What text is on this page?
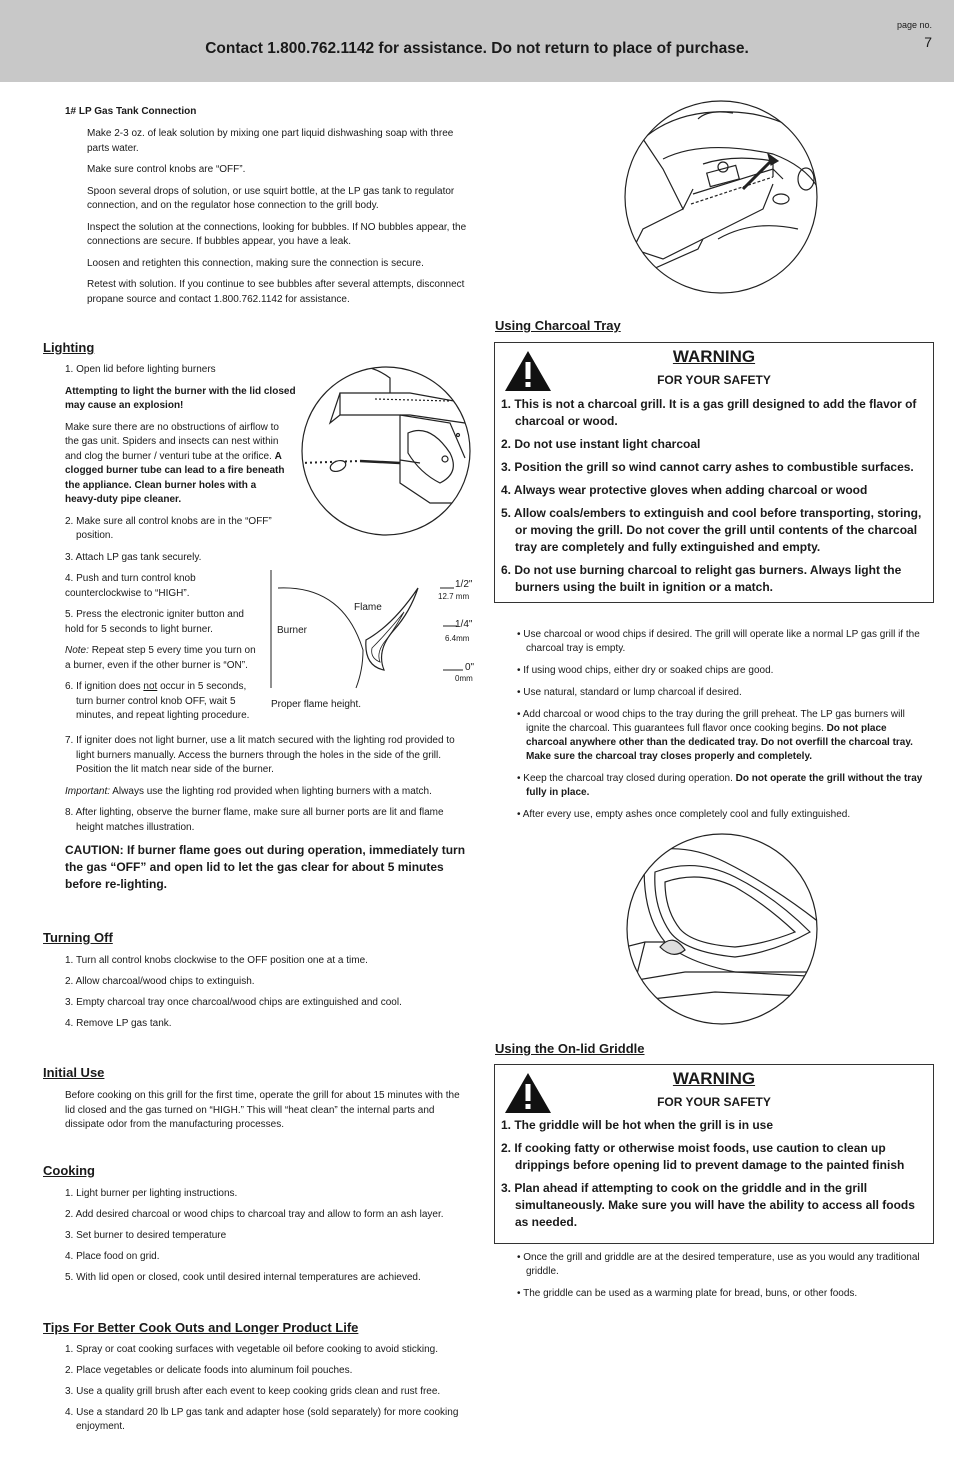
Contact 1.800.762.1142 for assistance. Do not return to place of purchase.
page no.
7
1# LP Gas Tank Connection

Make 2-3 oz. of leak solution by mixing one part liquid dishwashing soap with three parts water.

Make sure control knobs are “OFF”.

Spoon several drops of solution, or use squirt bottle, at the LP gas tank to regulator connection, and on the regulator hose connection to the grill body.

Inspect the solution at the connections, looking for bubbles. If NO bubbles appear, the connections are secure. If bubbles appear, you have a leak.

Loosen and retighten this connection, making sure the connection is secure.

Retest with solution. If you continue to see bubbles after several attempts, disconnect propane source and contact 1.800.762.1142 for assistance.

Lighting

1. Open lid before lighting burners

Attempting to light the burner with the lid closed may cause an explosion!

Make sure there are no obstructions of airflow to the gas unit. Spiders and insects can nest within and clog the burner / venturi tube at the orifice. A clogged burner tube can lead to a fire beneath the appliance. Clean burner holes with a heavy-duty pipe cleaner.

2. Make sure all control knobs are in the “OFF” position.

3. Attach LP gas tank securely.

4. Push and turn control knob counterclockwise to “HIGH”.

5. Press the electronic igniter button and hold for 5 seconds to light burner.

Note: Repeat step 5 every time you turn on a burner, even if the other burner is “ON”.

6. If ignition does not occur in 5 seconds, turn burner control knob OFF, wait 5 minutes, and repeat lighting procedure.

7. If igniter does not light burner, use a lit match secured with the lighting rod provided to light burners manually. Access the burners through the holes in the side of the grill. Position the lit match near side of the burner.

Important: Always use the lighting rod provided when lighting burners with a match.

8. After lighting, observe the burner flame, make sure all burner ports are lit and flame height matches illustration.

CAUTION: If burner flame goes out during operation, immediately turn the gas “OFF” and open lid to let the gas clear for about 5 minutes before re-lighting.

Flame
Burner
Proper flame height.
1/2"
12.7 mm
1/4"
6.4mm
0"
0mm
Turning Off
1. Turn all control knobs clockwise to the OFF position one at a time.
2. Allow charcoal/wood chips to extinguish.
3. Empty charcoal tray once charcoal/wood chips are extinguished and cool.
4. Remove LP gas tank.
Initial Use
Before cooking on this grill for the first time, operate the grill for about 15 minutes with the lid closed and the gas turned on “HIGH.” This will “heat clean” the internal parts and dissipate odor from the manufacturing processes.
Cooking
1. Light burner per lighting instructions.
2. Add desired charcoal or wood chips to charcoal tray and allow to form an ash layer.
3. Set burner to desired temperature
4. Place food on grid.
5. With lid open or closed, cook until desired internal temperatures are achieved.
Tips For Better Cook Outs and Longer Product Life
1. Spray or coat cooking surfaces with vegetable oil before cooking to avoid sticking.
2. Place vegetables or delicate foods into aluminum foil pouches.
3. Use a quality grill brush after each event to keep cooking grids clean and rust free.
4. Use a standard 20 lb LP gas tank and adapter hose (sold separately) for more cooking enjoyment.
Using Charcoal Tray
WARNING
FOR YOUR SAFETY
1. This is not a charcoal grill. It is a gas grill designed to add the flavor of charcoal or wood.
2. Do not use instant light charcoal
3. Position the grill so wind cannot carry ashes to combustible surfaces.
4. Always wear protective gloves when adding charcoal or wood
5. Allow coals/embers to extinguish and cool before transporting, storing, or moving the grill. Do not cover the grill until contents of the charcoal tray are completely and fully extinguished and empty.
6. Do not use burning charcoal to relight gas burners. Always light the burners using the built in ignition or a match.
• Use charcoal or wood chips if desired. The grill will operate like a normal LP gas grill if the charcoal tray is empty.
• If using wood chips, either dry or soaked chips are good.
• Use natural, standard or lump charcoal if desired.
• Add charcoal or wood chips to the tray during the grill preheat. The LP gas burners will ignite the charcoal. This guarantees full flavor once cooking begins. Do not place charcoal anywhere other than the dedicated tray. Do not overfill the charcoal tray. Make sure the charcoal tray closes properly and completely.
• Keep the charcoal tray closed during operation. Do not operate the grill without the tray fully in place.
• After every use, empty ashes once completely cool and fully extinguished.
Using the On-lid Griddle
WARNING
FOR YOUR SAFETY
1. The griddle will be hot when the grill is in use
2. If cooking fatty or otherwise moist foods, use caution to clean up drippings before opening lid to prevent damage to the painted finish
3. Plan ahead if attempting to cook on the griddle and in the grill simultaneously. Make sure you will have the ability to access all foods as needed.
• Once the grill and griddle are at the desired temperature, use as you would any traditional griddle.
• The griddle can be used as a warming plate for bread, buns, or other foods.
